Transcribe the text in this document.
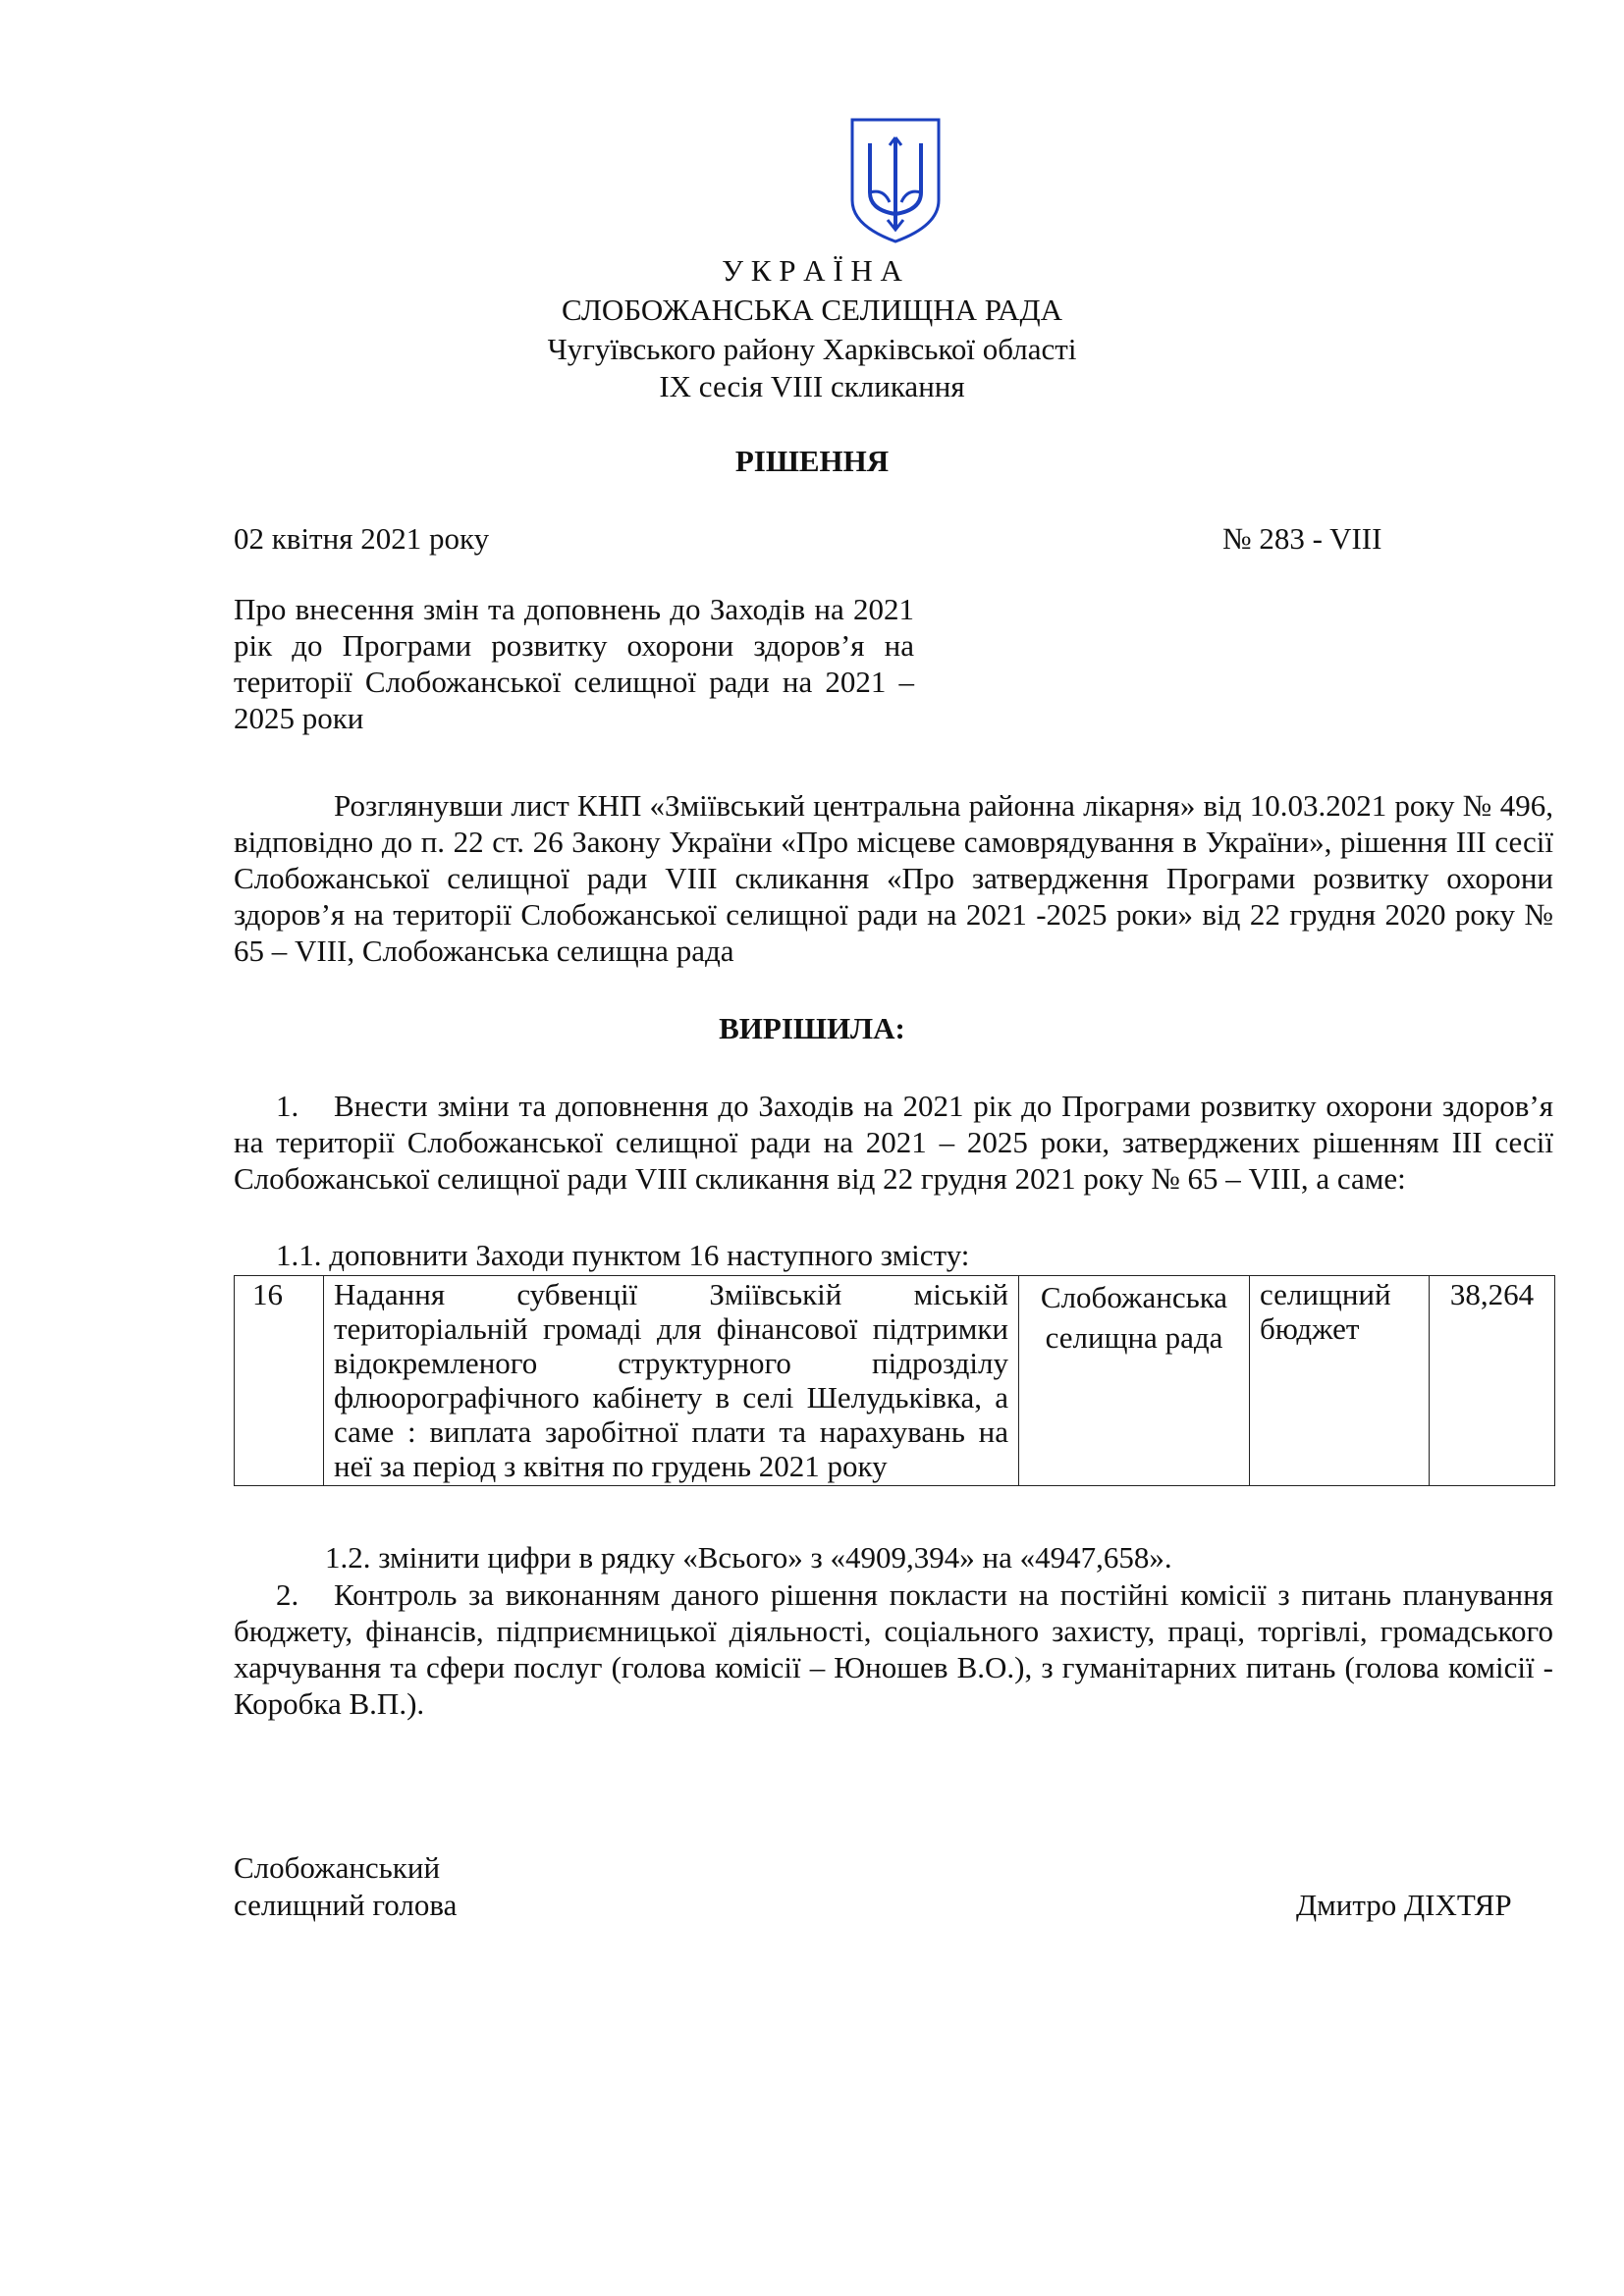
У К Р А Ї Н А
СЛОБОЖАНСЬКА СЕЛИЩНА РАДА
Чугуївського району Харківської області
ІХ сесія VIII скликання
РІШЕННЯ
02 квітня 2021 року	№ 283 - VIII
Про внесення змін та доповнень до Заходів на 2021 рік до Програми розвитку охорони здоров’я на території Слобожанської селищної ради на 2021 – 2025 роки
Розглянувши лист КНП «Зміївський центральна районна лікарня» від 10.03.2021 року № 496, відповідно до п. 22 ст. 26 Закону України «Про місцеве самоврядування в України», рішення ІІІ сесії Слобожанської селищної ради VIII скликання «Про затвердження Програми розвитку охорони здоров’я на території Слобожанської селищної ради на 2021 -2025 роки» від 22 грудня 2020 року № 65 – VIII, Слобожанська селищна рада
ВИРІШИЛА:
1. Внести зміни та доповнення до Заходів на 2021 рік до Програми розвитку охорони здоров’я на території Слобожанської селищної ради на 2021 – 2025 роки, затверджених рішенням ІІІ сесії Слобожанської селищної ради VIII скликання від 22 грудня 2021 року № 65 – VIII, а саме:
1.1. доповнити Заходи пунктом 16 наступного змісту:
16	Надання субвенції Зміївській міській територіальній громаді для фінансової підтримки відокремленого структурного підрозділу флюорографічного кабінету в селі Шелудьківка, а саме : виплата заробітної плати та нарахувань на неї за період з квітня по грудень 2021 року	Слобожанська селищна рада	селищний бюджет	38,264
1.2. змінити цифри в рядку «Всього» з «4909,394» на «4947,658».
2. Контроль за виконанням даного рішення покласти на постійні комісії з питань планування бюджету, фінансів, підприємницької діяльності, соціального захисту, праці, торгівлі, громадського харчування та сфери послуг (голова комісії – Юношев В.О.), з гуманітарних питань (голова комісії - Коробка В.П.).
Слобожанський
селищний голова	Дмитро ДІХТЯР
